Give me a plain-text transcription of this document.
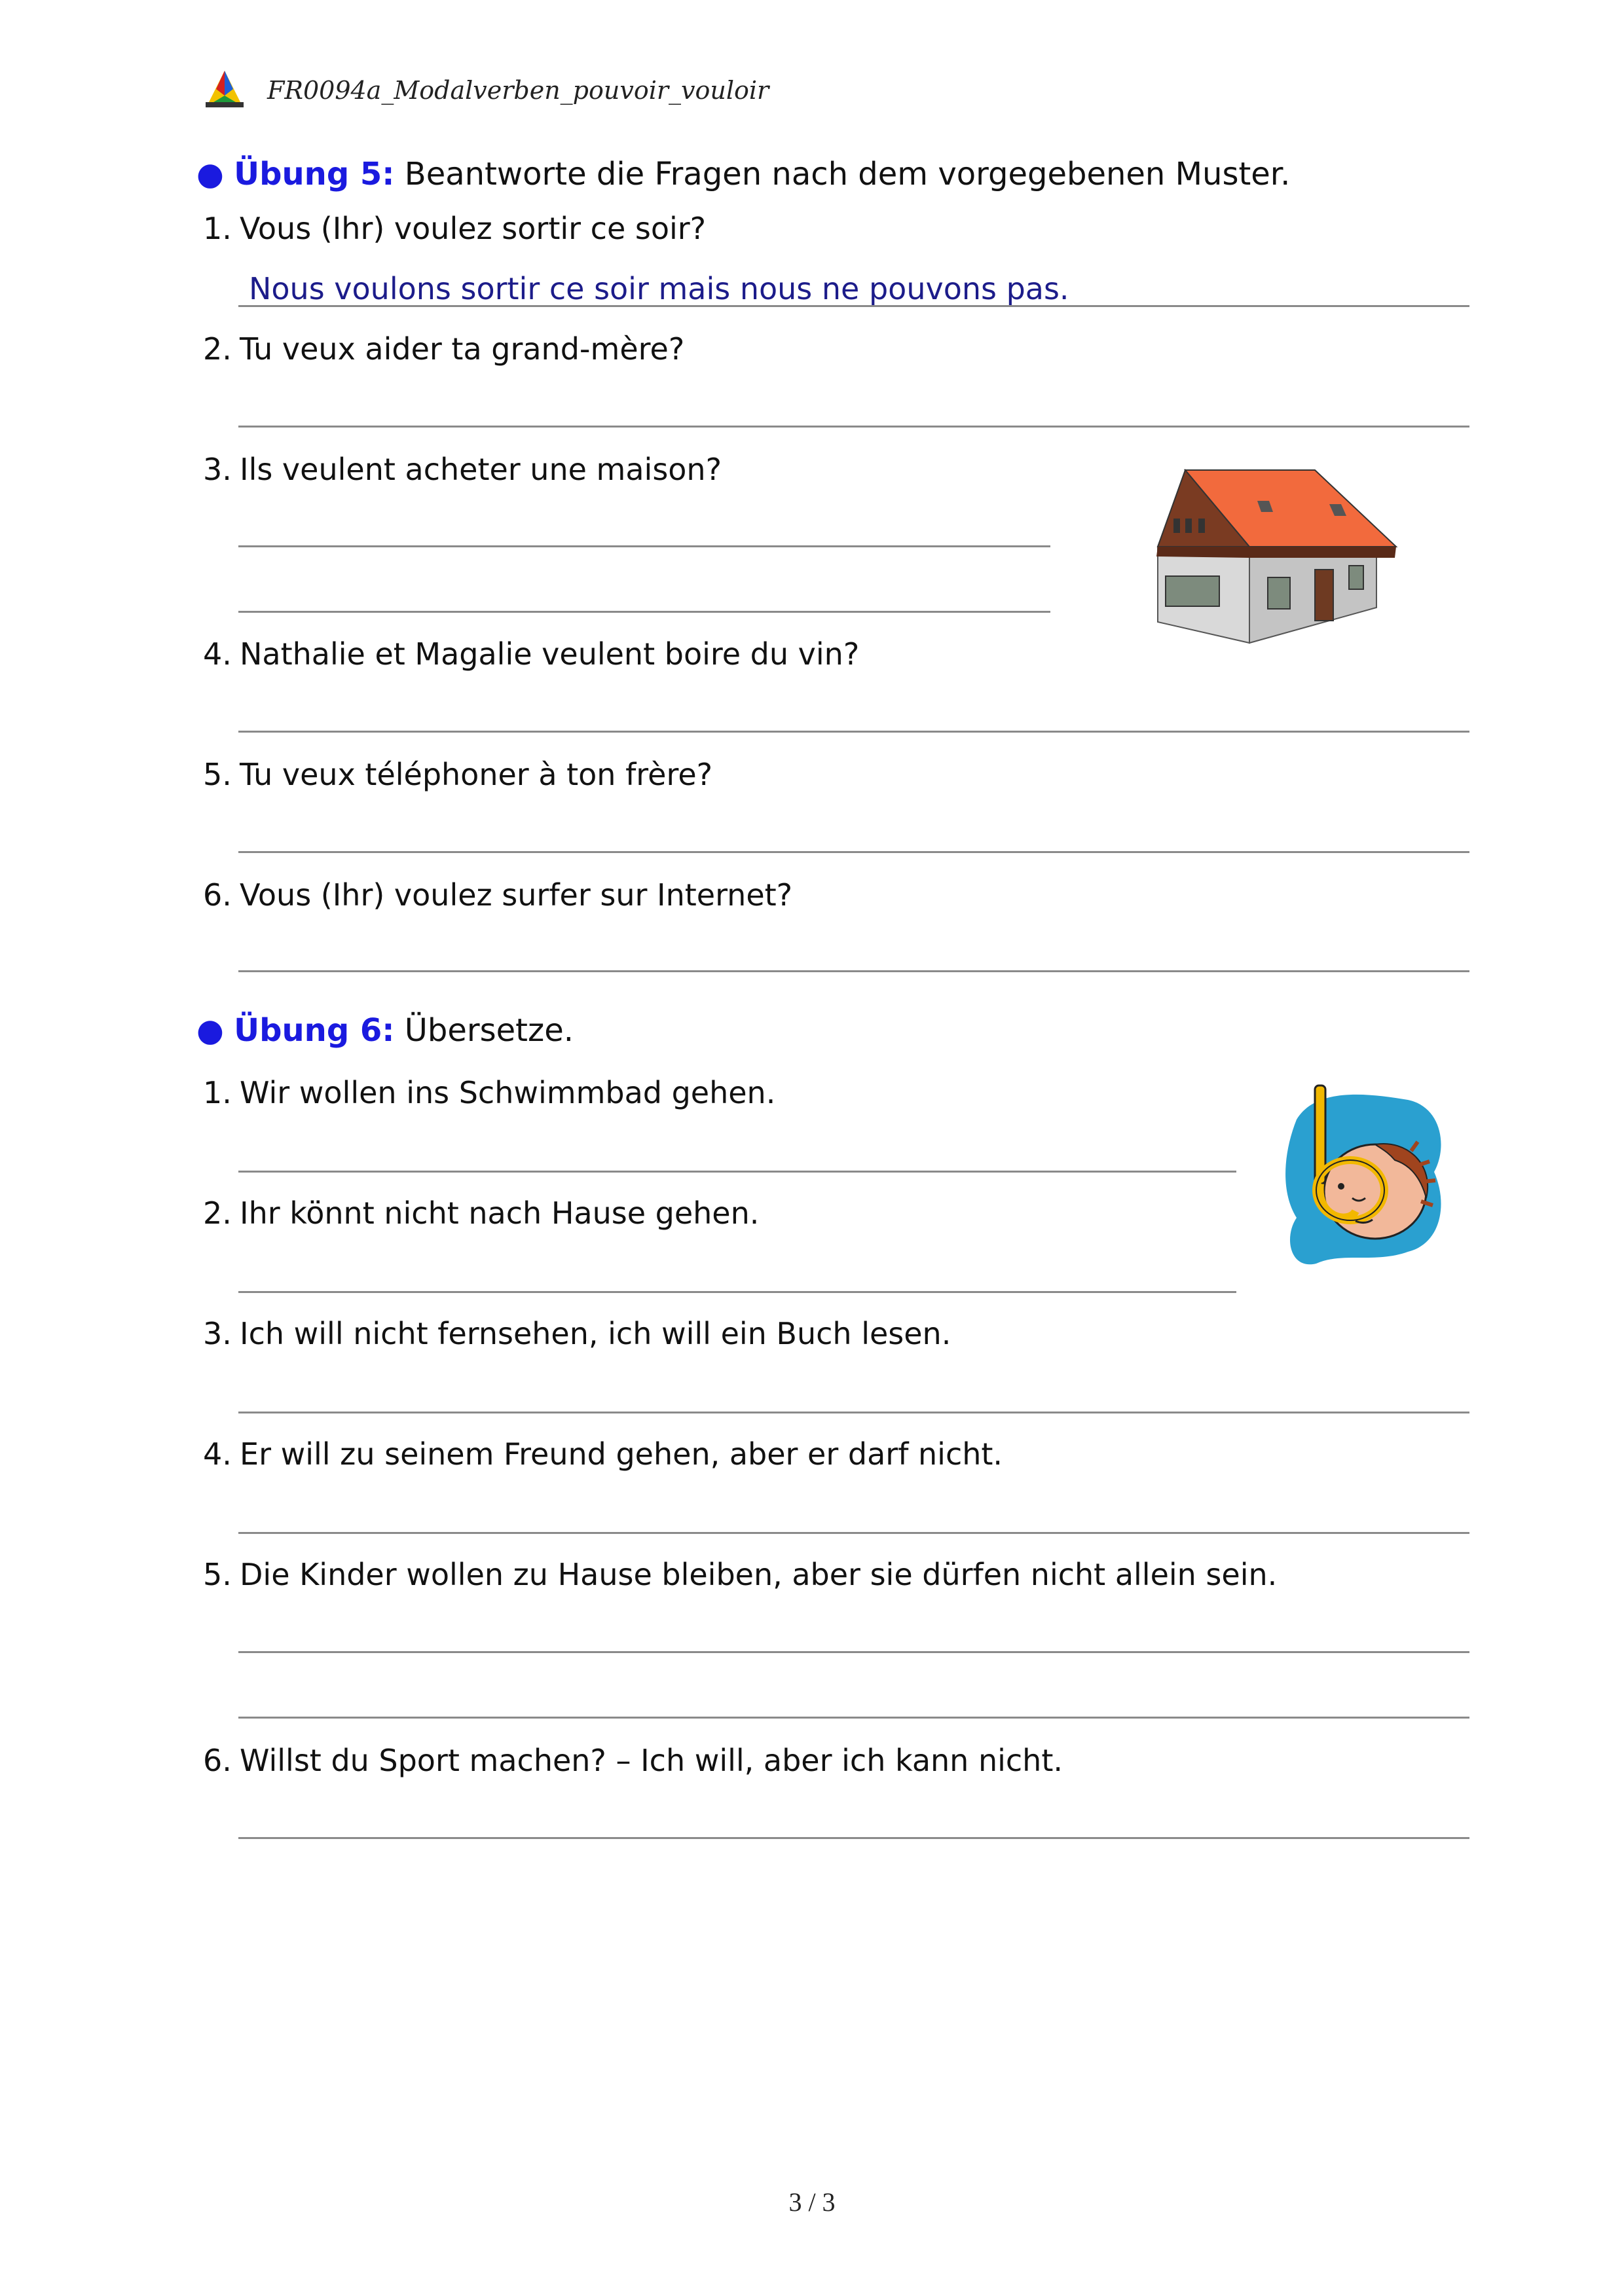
FR0094a_Modalverben_pouvoir_vouloir
● Übung 5: Beantworte die Fragen nach dem vorgegebenen Muster.
1. Vous (Ihr) voulez sortir ce soir?
Nous voulons sortir ce soir mais nous ne pouvons pas.
2. Tu veux aider ta grand-mère?
3. Ils veulent acheter une maison?
4. Nathalie et Magalie veulent boire du vin?
5. Tu veux téléphoner à ton frère?
6. Vous (Ihr) voulez surfer sur Internet?
● Übung 6: Übersetze.
1. Wir wollen ins Schwimmbad gehen.
2. Ihr könnt nicht nach Hause gehen.
3. Ich will nicht fernsehen, ich will ein Buch lesen.
4. Er will zu seinem Freund gehen, aber er darf nicht.
5. Die Kinder wollen zu Hause bleiben, aber sie dürfen nicht allein sein.
6. Willst du Sport machen? – Ich will, aber ich kann nicht.
3 / 3
